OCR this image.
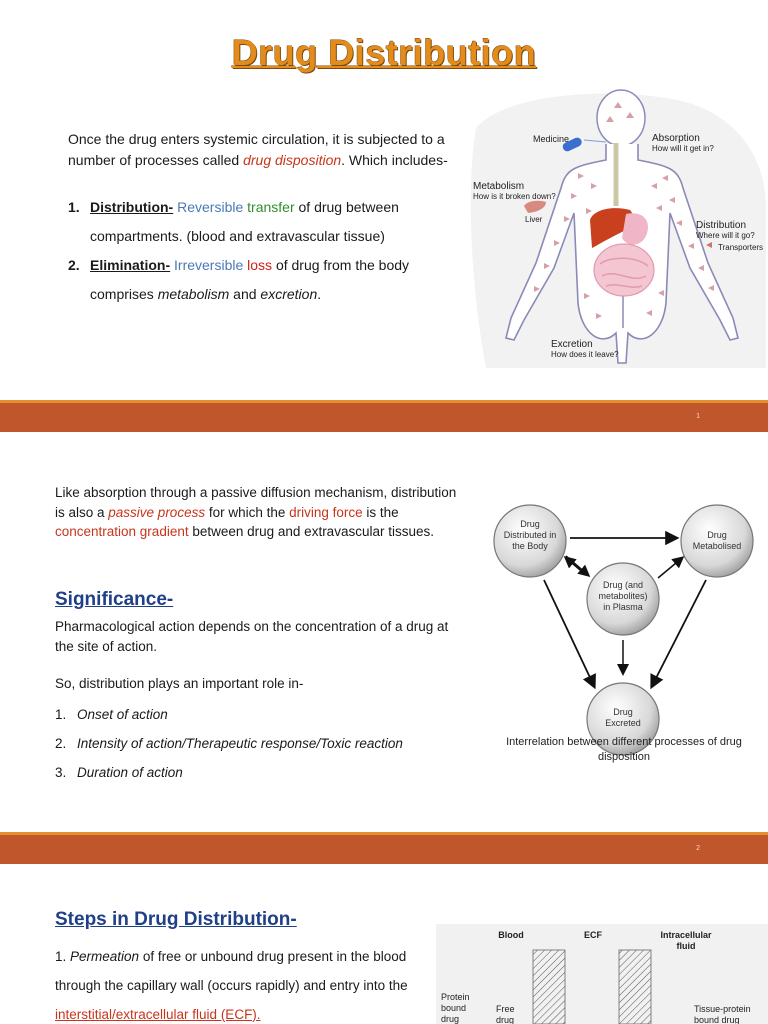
Drug Distribution
Once the drug enters systemic circulation, it is subjected to a number of processes called drug disposition. Which includes-
1. Distribution- Reversible transfer of drug between compartments. (blood and extravascular tissue)
2. Elimination- Irreversible loss of drug from the body comprises metabolism and excretion.
Medicine	Absorption
How will it get in?
Metabolism
How is it broken down?
Liver
Distribution
Where will it go?
Transporters
Excretion
How does it leave?
1
Like absorption through a passive diffusion mechanism, distribution is also a passive process for which the driving force is the concentration gradient between drug and extravascular tissues.
Significance-
Pharmacological action depends on the concentration of a drug at the site of action.
So, distribution plays an important role in-
1. Onset of action
2. Intensity of action/Therapeutic response/Toxic reaction
3. Duration of action
Drug Distributed in the Body
Drug Metabolised
Drug (and metabolites) in Plasma
Drug Excreted
Interrelation between different processes of drug disposition
2
Steps in Drug Distribution-
1. Permeation of free or unbound drug present in the blood through the capillary wall (occurs rapidly) and entry into the interstitial/extracellular fluid (ECF).
Blood	ECF	Intracellular fluid
Protein bound drug
Free drug
Tissue-protein bound drug
